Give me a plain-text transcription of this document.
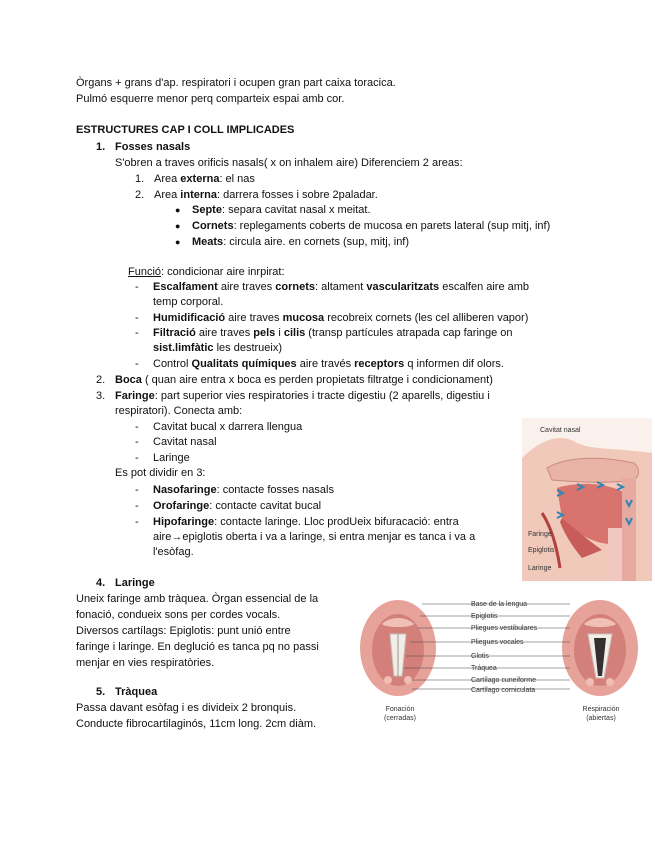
Òrgans + grans d'ap. respiratori i ocupen gran part caixa toracica.
Pulmó esquerre menor perq comparteix espai amb cor.
ESTRUCTURES CAP I COLL IMPLICADES
1. Fosses nasals
S'obren a traves orificis nasals( x on inhalem aire) Diferenciem 2 areas:
1. Area externa: el nas
2. Area interna: darrera fosses i sobre 2paladar.
● Septe: separa cavitat nasal x meitat.
● Cornets: replegaments coberts de mucosa en parets lateral (sup mitj, inf)
● Meats: circula aire. en cornets (sup, mitj, inf)
Funció: condicionar aire inrpirat:
- Escalfament aire traves cornets: altament vascularitzats escalfen aire amb
temp corporal.
- Humidificació aire traves mucosa recobreix cornets (les cel alliberen vapor)
- Filtració aire traves pels i cilis (transp partícules atrapada cap faringe on
sist.limfàtic les destrueix)
- Control Qualitats químiques aire través receptors q informen dif olors.
2. Boca ( quan aire entra x boca es perden propietats filtratge i condicionament)
3. Faringe: part superior vies respiratories i tracte digestiu (2 aparells, digestiu i
respiratori). Conecta amb:
- Cavitat bucal x darrera llengua
- Cavitat nasal
- Laringe
Es pot dividir en 3:
- Nasofaringe: contacte fosses nasals
- Orofaringe: contacte cavitat bucal
- Hipofaringe: contacte laringe. Lloc prodUeix bifuracació: entra
aire→epiglotis oberta i va a laringe, si entra menjar es tanca i va a
l'esòfag.
4. Laringe
Uneix faringe amb tràquea. Òrgan essencial de la
fonació, condueix sons per cordes vocals.
Diversos cartílags: Epiglotis: punt unió entre
faringe i laringe. En deglució es tanca pq no passi
menjar en vies respiratòries.
5. Tràquea
Passa davant esòfag i es divideix 2 bronquis.
Conducte fibrocartilaginós, 11cm long. 2cm diàm.
Cavitat nasal
Faringe
Epiglotis
Laringe
Base de la lengua
Epiglotis
Pliegues vestibulares
Pliegues vocales
Glotis
Tráquea
Cartílago cuneiforme
Cartílago corniculata
Fonación
(cerradas)
Respiración
(abiertas)
